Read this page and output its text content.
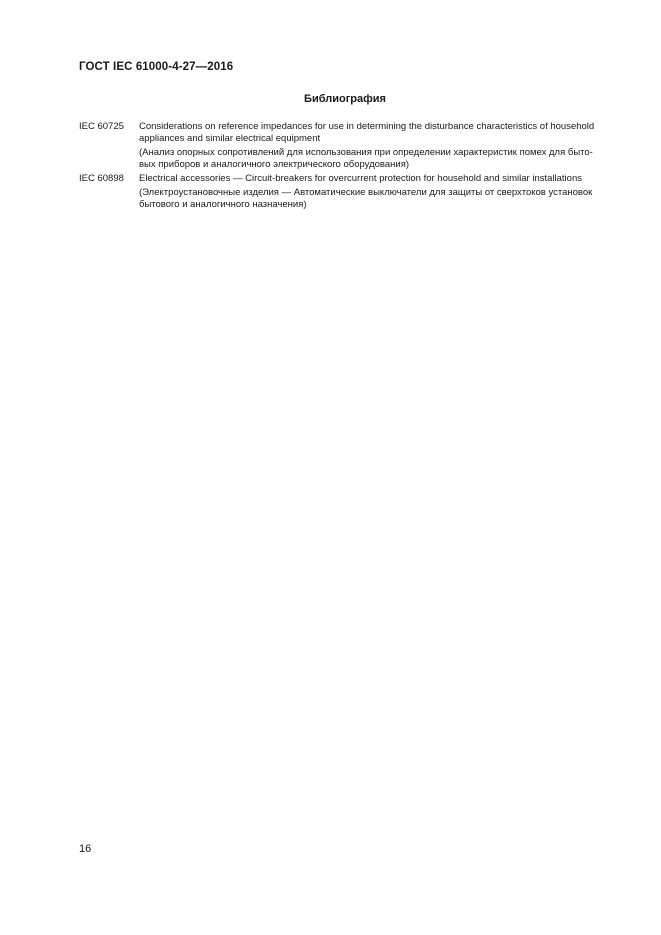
ГОСТ IEC 61000-4-27—2016
Библиография
IEC 60725 Considerations on reference impedances for use in determining the disturbance characteristics of household
appliances and similar electrical equipment
(Анализ опорных сопротивлений для использования при определении характеристик помех для быто-
вых приборов и аналогичного электрического оборудования)
IEC 60898 Electrical accessories — Circuit-breakers for overcurrent protection for household and similar installations
(Электроустановочные изделия — Автоматические выключатели для защиты от сверхтоков установок
бытового и аналогичного назначения)
16
